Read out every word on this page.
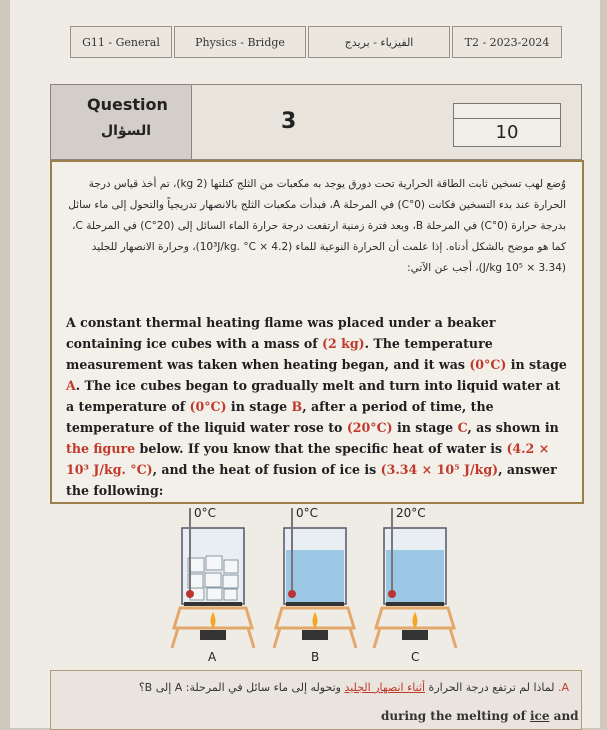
G11 - General	Physics - Bridge	الفيزياء - بريدج	T2 - 2023-2024
Question
السؤال	3	10
وُضع لهب تسخين ثابت الطاقة الحرارية تحت دورق يوجد به مكعبات من الثلج كتلتها (2 kg)، تم أخذ قياس درجة الحرارة عند بدء التسخين فكانت (0°C) في المرحلة A، فبدأت مكعبات الثلج بالانصهار تدريجياً والتحول إلى ماء سائل بدرجة حرارة (0°C) في المرحلة B، وبعد فترة زمنية ارتفعت درجة حرارة الماء السائل إلى (20°C) في المرحلة C، كما هو موضح بالشكل أدناه. إذا علمت أن الحرارة النوعية للماء (4.2 × 10³J/kg. °C)، وحرارة الانصهار للجليد (3.34 × 10⁵ J/kg)، أجب عن الآتي:
A constant thermal heating flame was placed under a beaker containing ice cubes with a mass of (2 kg). The temperature measurement was taken when heating began, and it was (0°C) in stage A. The ice cubes began to gradually melt and turn into liquid water at a temperature of (0°C) in stage B, after a period of time, the temperature of the liquid water rose to (20°C) in stage C, as shown in the figure below. If you know that the specific heat of water is (4.2 × 10³ J/kg. °C), and the heat of fusion of ice is (3.34 × 10⁵ J/kg), answer the following:
0°C	0°C	20°C
A	B	C
A. لماذا لم ترتفع درجة الحرارة أثناء انصهار الجليد وتحوله إلى ماء سائل في المرحلة: A إلى B؟
during the melting of ice and
